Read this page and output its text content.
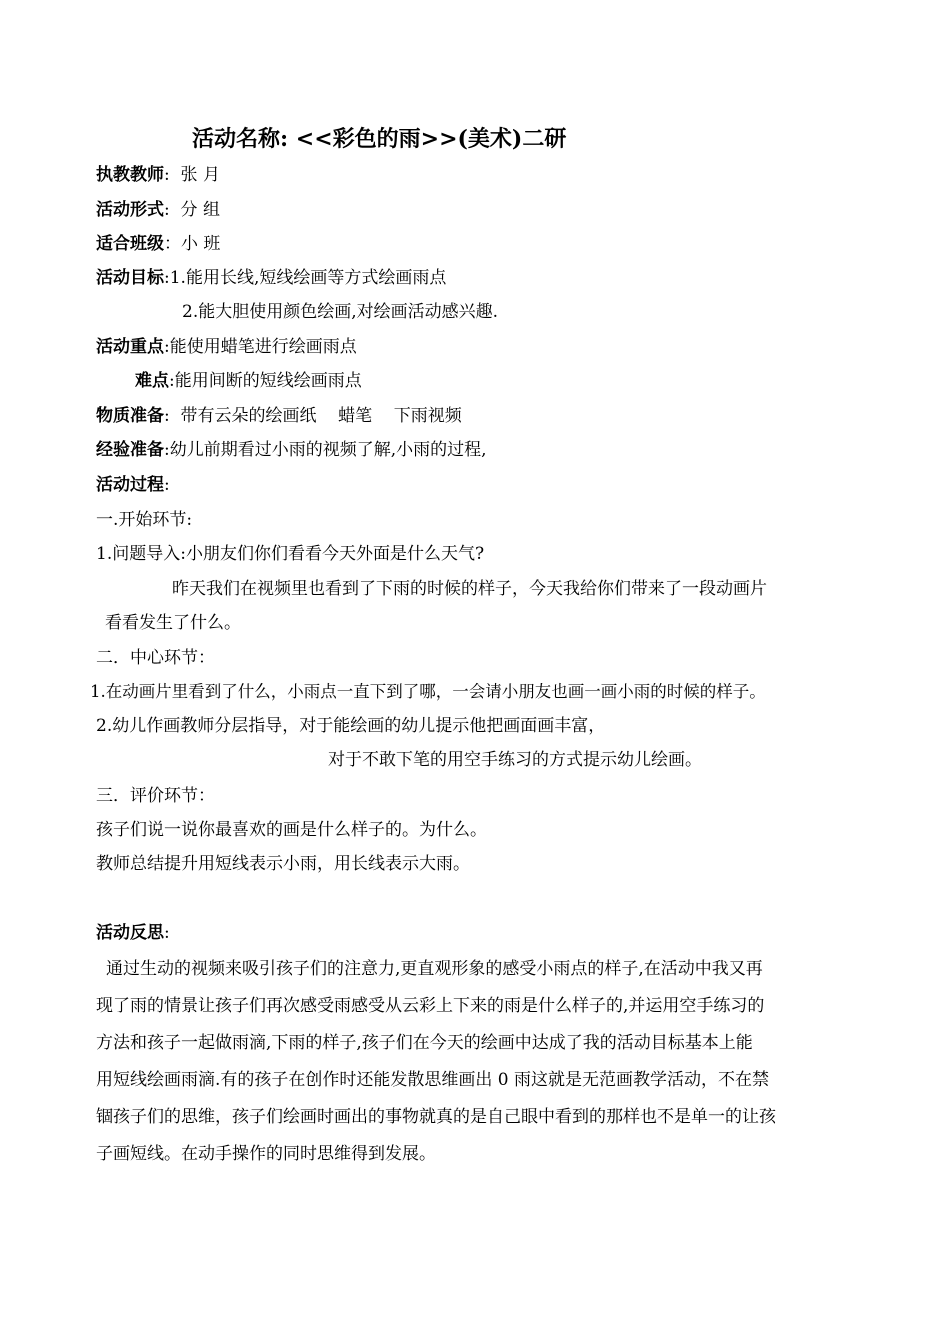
活动名称: <<彩色的雨>>(美术)二研
执教教师: 张 月
活动形式: 分 组
适合班级：小 班
活动目标:1.能用长线,短线绘画等方式绘画雨点
2.能大胆使用颜色绘画,对绘画活动感兴趣.
活动重点:能使用蜡笔进行绘画雨点
难点:能用间断的短线绘画雨点
物质准备: 带有云朵的绘画纸    蜡笔    下雨视频
经验准备:幼儿前期看过小雨的视频了解,小雨的过程,
活动过程:
一.开始环节:
1.问题导入:小朋友们你们看看今天外面是什么天气?
昨天我们在视频里也看到了下雨的时候的样子，今天我给你们带来了一段动画片
看看发生了什么。
二．中心环节：
1.在动画片里看到了什么，小雨点一直下到了哪，一会请小朋友也画一画小雨的时候的样子。
2.幼儿作画教师分层指导，对于能绘画的幼儿提示他把画面画丰富，
对于不敢下笔的用空手练习的方式提示幼儿绘画。
三．评价环节：
孩子们说一说你最喜欢的画是什么样子的。为什么。
教师总结提升用短线表示小雨，用长线表示大雨。
活动反思:
通过生动的视频来吸引孩子们的注意力,更直观形象的感受小雨点的样子,在活动中我又再
现了雨的情景让孩子们再次感受雨感受从云彩上下来的雨是什么样子的,并运用空手练习的
方法和孩子一起做雨滴,下雨的样子,孩子们在今天的绘画中达成了我的活动目标基本上能
用短线绘画雨滴.有的孩子在创作时还能发散思维画出 0 雨这就是无范画教学活动，不在禁
锢孩子们的思维，孩子们绘画时画出的事物就真的是自己眼中看到的那样也不是单一的让孩
子画短线。在动手操作的同时思维得到发展。
